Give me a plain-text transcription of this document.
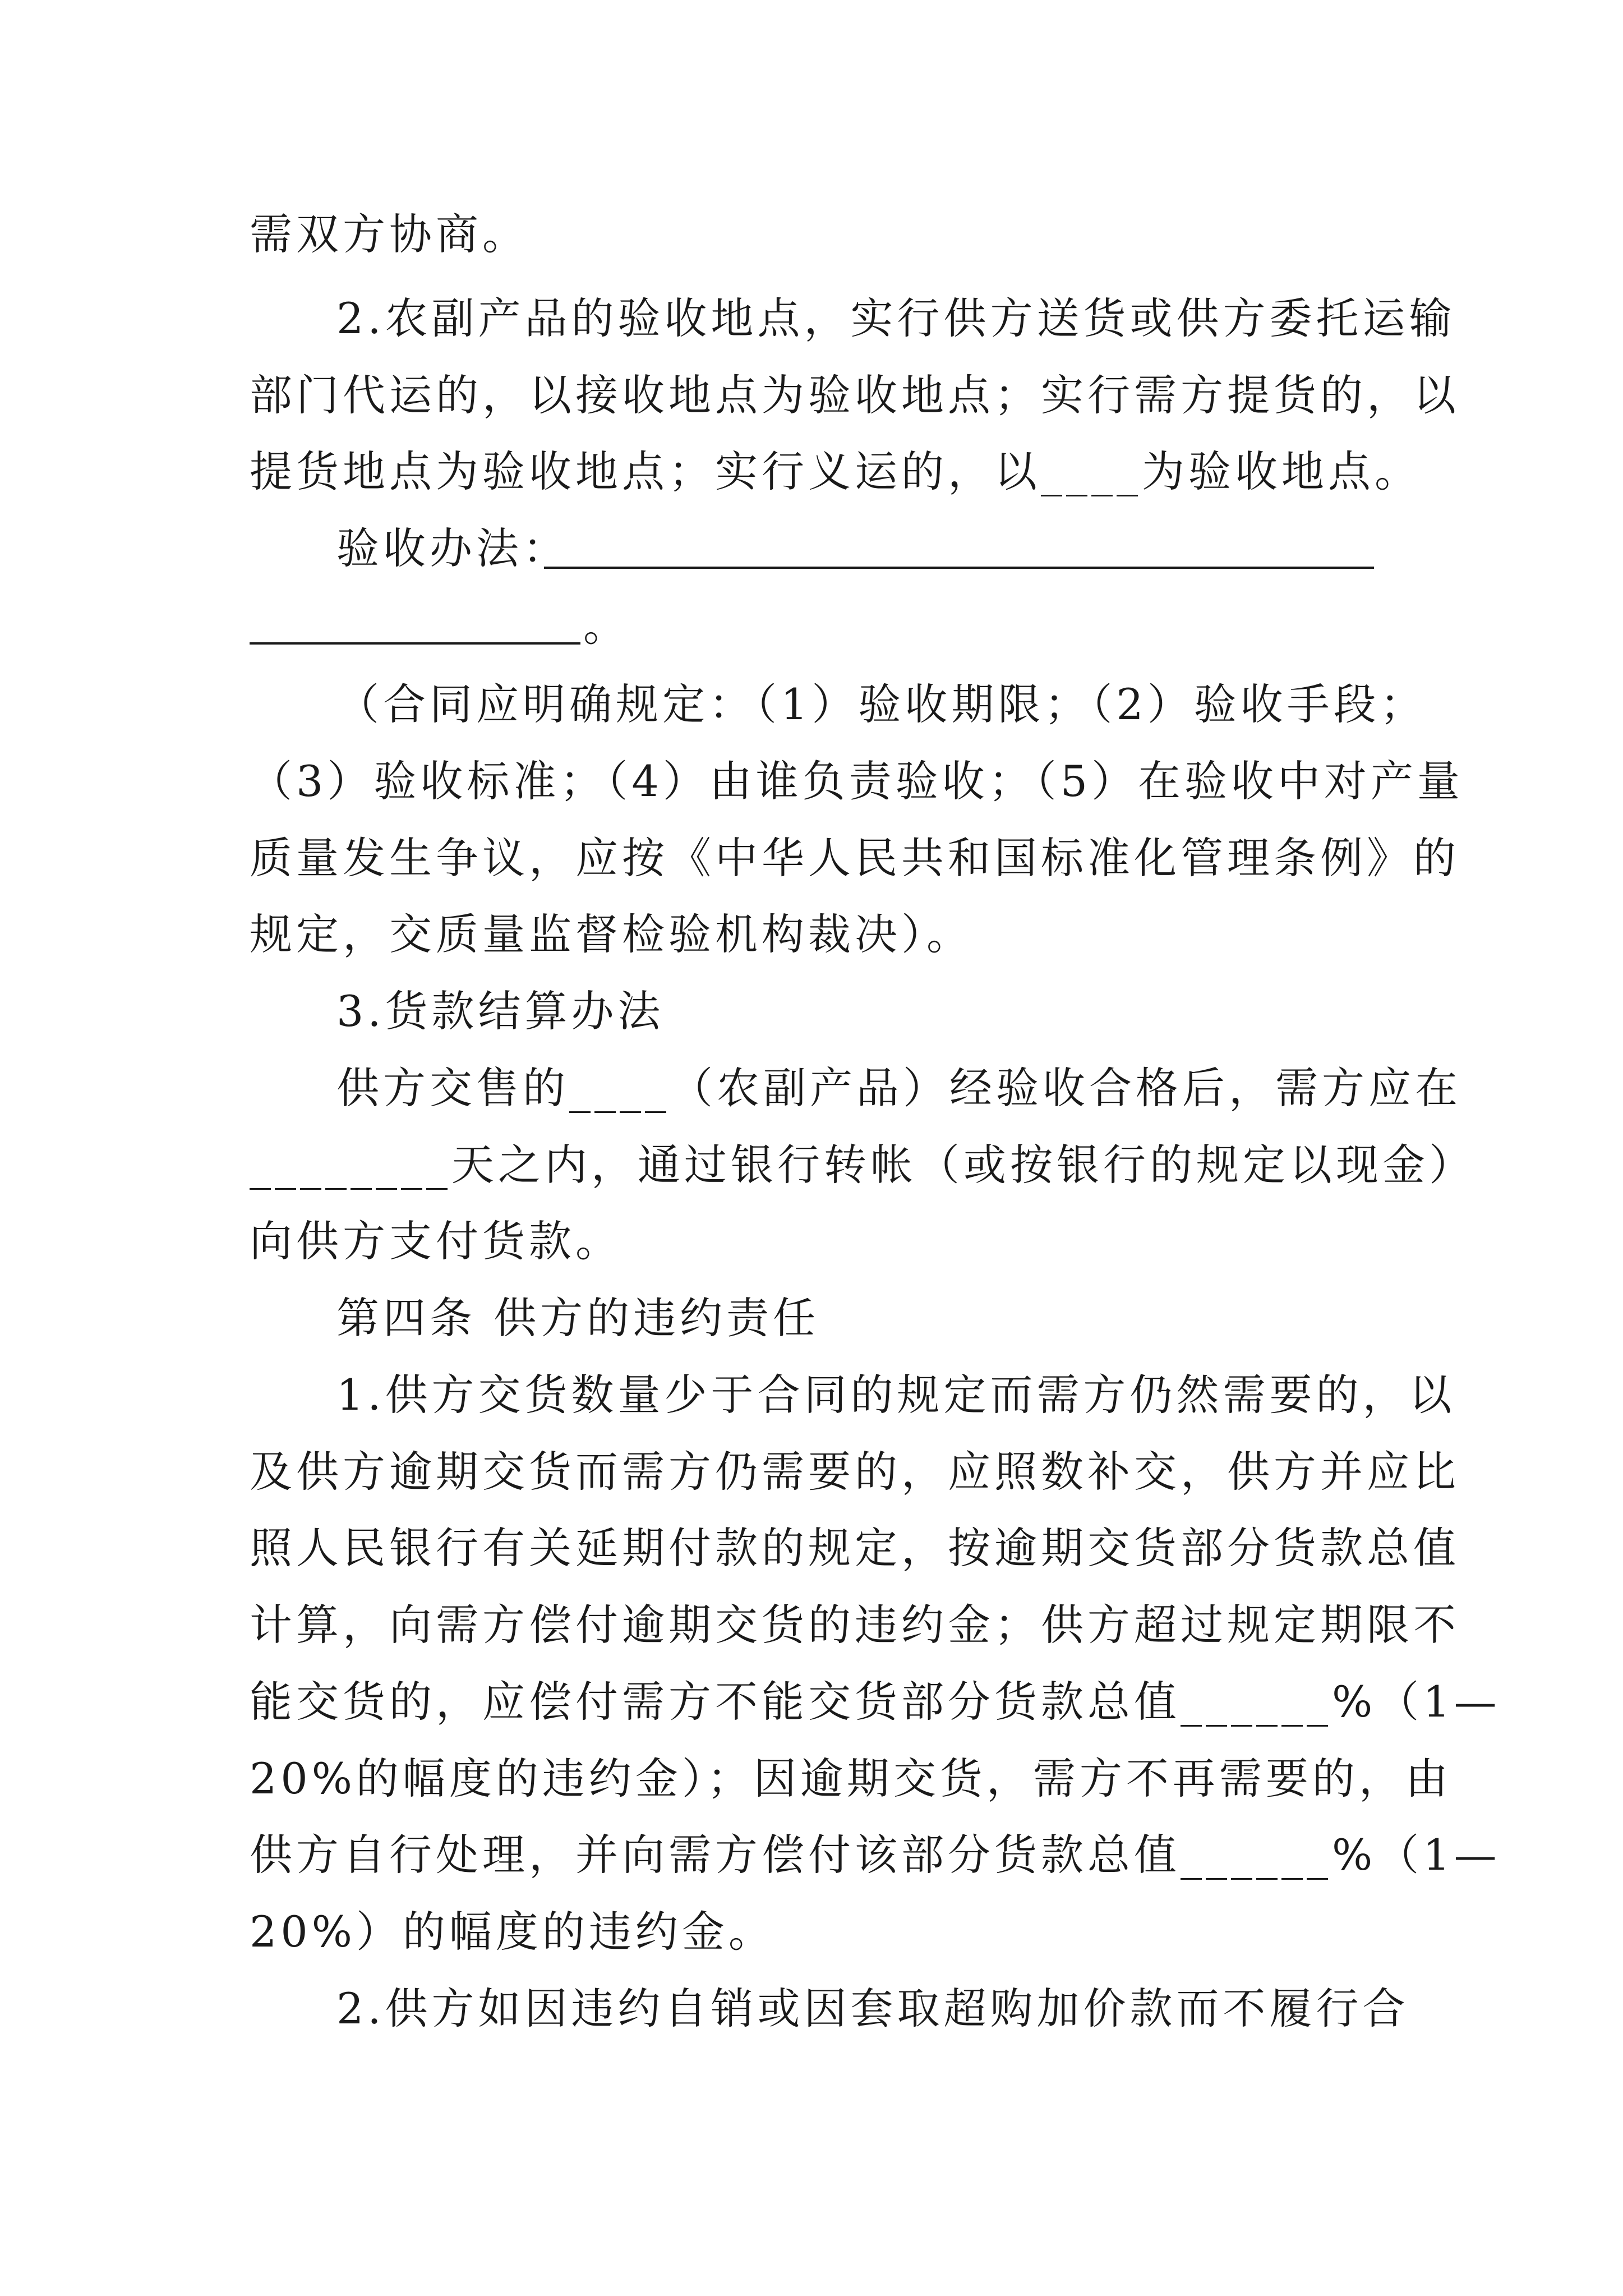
需双方协商。
2.农副产品的验收地点，实行供方送货或供方委托运输
部门代运的，以接收地点为验收地点；实行需方提货的，以
提货地点为验收地点；实行义运的，以____为验收地点。
验收办法：
。
（合同应明确规定：（1）验收期限；（2）验收手段；
（3）验收标准；（4）由谁负责验收；（5）在验收中对产量
质量发生争议，应按《中华人民共和国标准化管理条例》的
规定，交质量监督检验机构裁决）。
3.货款结算办法
供方交售的____（农副产品）经验收合格后，需方应在
________天之内，通过银行转帐（或按银行的规定以现金）
向供方支付货款。
第四条 供方的违约责任
1.供方交货数量少于合同的规定而需方仍然需要的，以
及供方逾期交货而需方仍需要的，应照数补交，供方并应比
照人民银行有关延期付款的规定，按逾期交货部分货款总值
计算，向需方偿付逾期交货的违约金；供方超过规定期限不
能交货的，应偿付需方不能交货部分货款总值______%（1—
20%的幅度的违约金）；因逾期交货，需方不再需要的，由
供方自行处理，并向需方偿付该部分货款总值______%（1—
20%）的幅度的违约金。
2.供方如因违约自销或因套取超购加价款而不履行合
